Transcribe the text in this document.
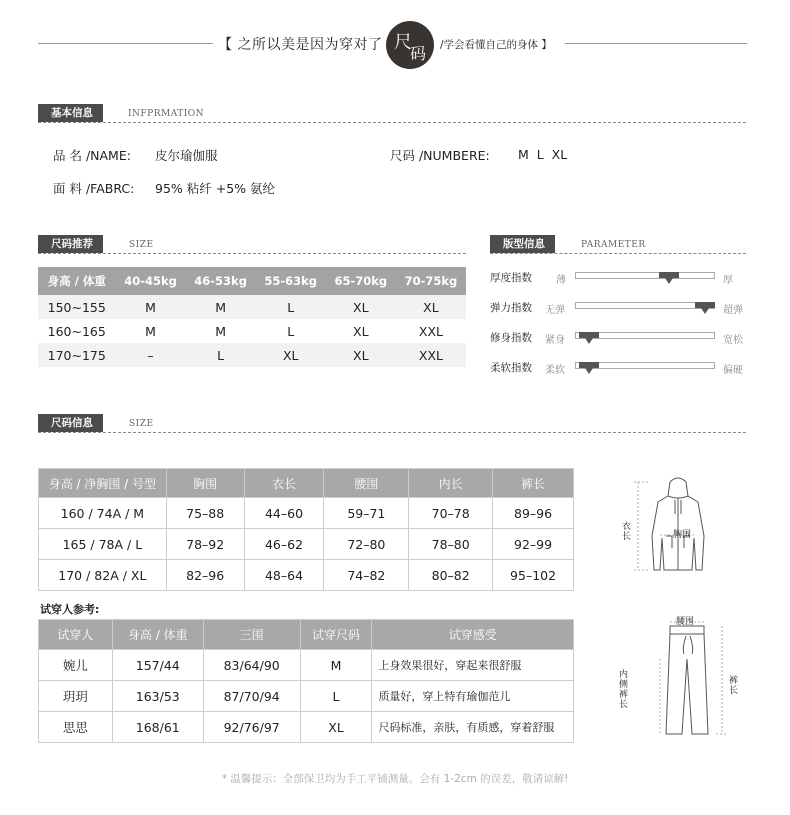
【 之所以美是因为穿对了 尺
码 /学会看懂自己的身体 】
基本信息	INFPRMATION
品 名 /NAME: 皮尔瑜伽服	尺码 /NUMBERE: M  L  XL
面 料 /FABRC: 95% 粘纤 +5% 氨纶
尺码推荐	SIZE
身高 / 体重	40-45kg	46-53kg	55-63kg	65-70kg	70-75kg
150~155	M	M	L	XL	XL
160~165	M	M	L	XL	XXL
170~175	–	L	XL	XL	XXL
版型信息	PARAMETER
厚度指数 薄	厚
弹力指数 无弹	超弹
修身指数 紧身	宽松
柔软指数 柔软	偏硬
尺码信息	SIZE
身高 / 净胸围 / 号型	胸围	衣长	腰围	内长	裤长
160 / 74A / M	75–88	44–60	59–71	70–78	89–96
165 / 78A / L	78–92	46–62	72–80	78–80	92–99
170 / 82A / XL	82–96	48–64	74–82	80–82	95–102
试穿人参考:
试穿人	身高 / 体重	三围	试穿尺码	试穿感受
婉儿	157/44	83/64/90	M	上身效果很好，穿起来很舒服
玥玥	163/53	87/70/94	L	质量好，穿上特有瑜伽范儿
思思	168/61	92/76/97	XL	尺码标准，亲肤，有质感，穿着舒服
衣长	胸围
腰围
内侧裤长
裤长
* 温馨提示：全部保卫均为手工平铺测量。会有 1-2cm 的误差，敬请谅解!
